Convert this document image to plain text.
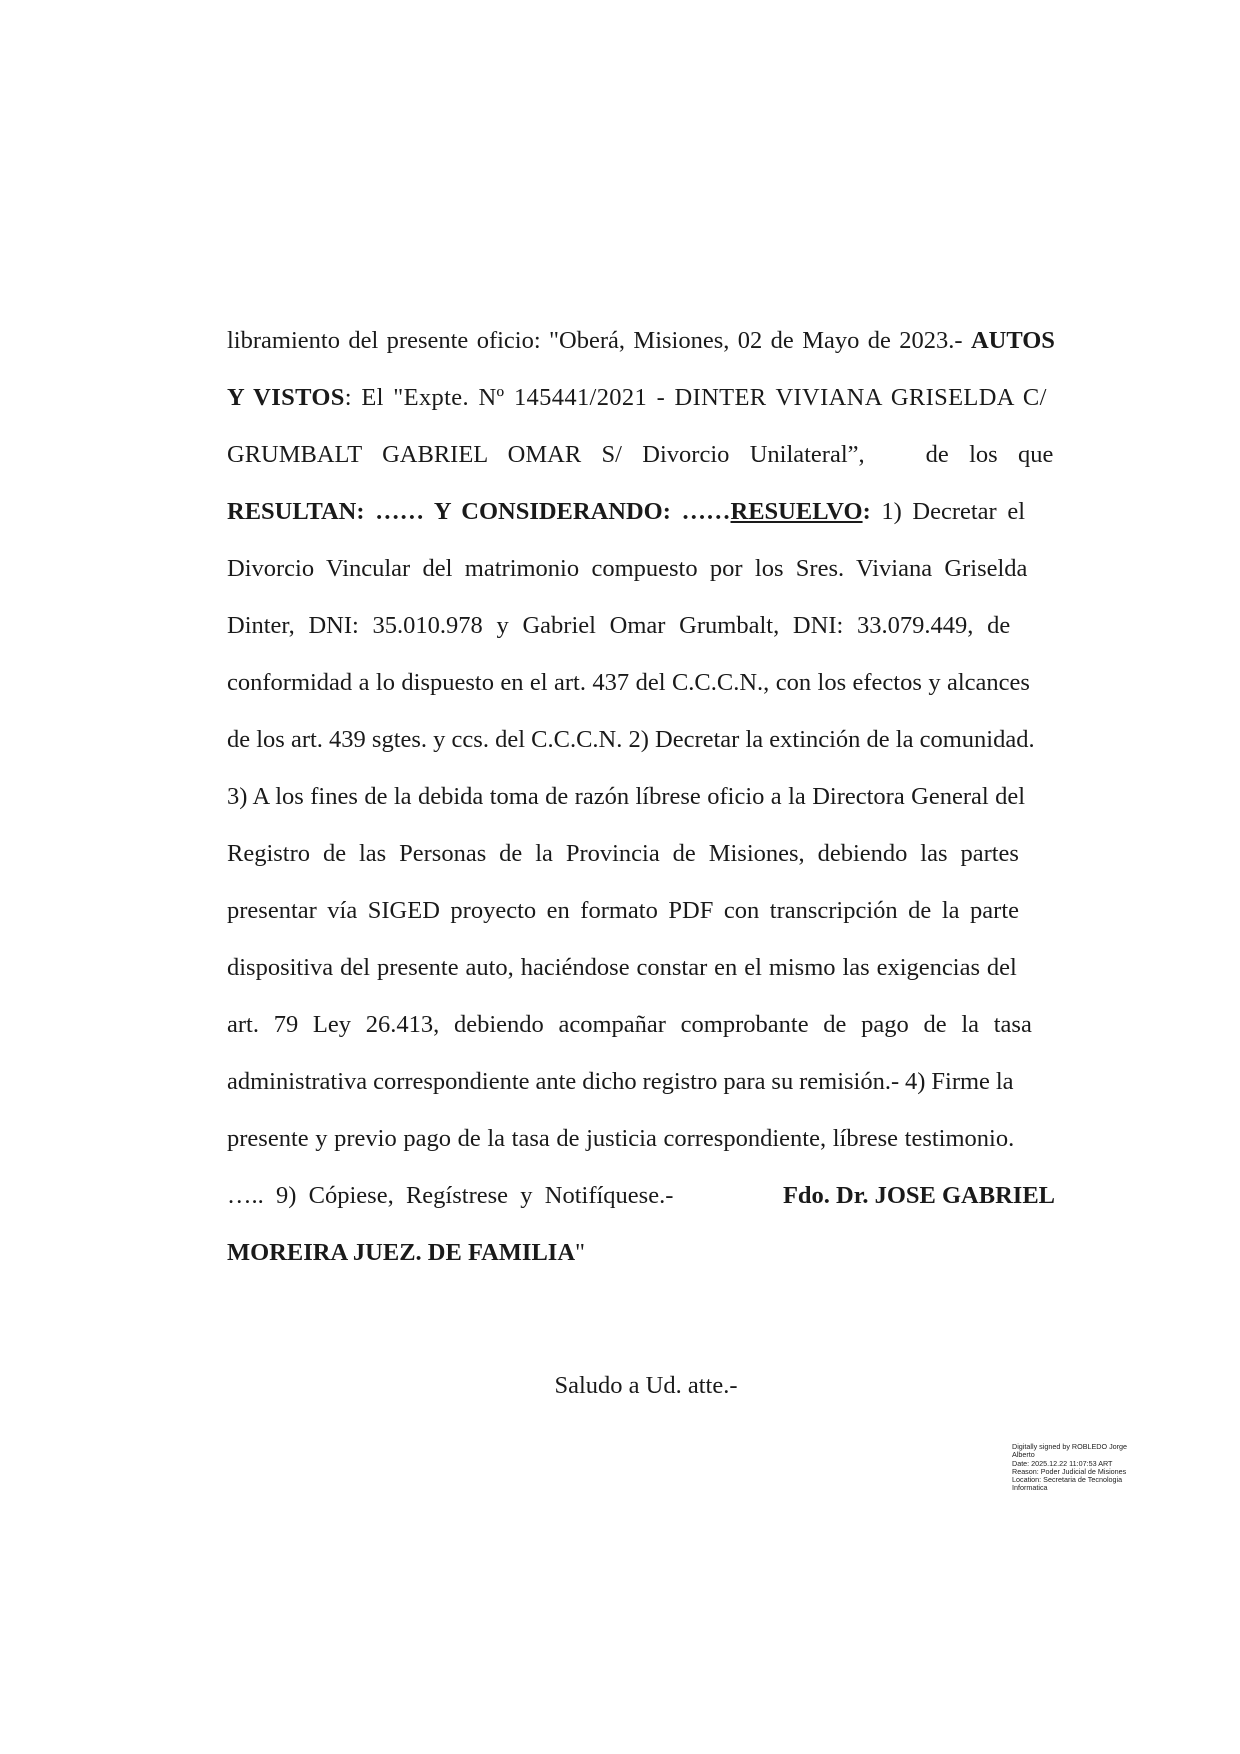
libramiento del presente oficio: "Oberá, Misiones, 02 de Mayo de 2023.- AUTOS
Y VISTOS: El "Expte. Nº 145441/2021 - DINTER VIVIANA GRISELDA C/
GRUMBALT GABRIEL OMAR S/ Divorcio Unilateral”,   de los que
RESULTAN: …… Y CONSIDERANDO: ……RESUELVO: 1) Decretar el
Divorcio Vincular del matrimonio compuesto por los Sres. Viviana Griselda
Dinter, DNI: 35.010.978 y Gabriel Omar Grumbalt, DNI: 33.079.449, de
conformidad a lo dispuesto en el art. 437 del C.C.C.N., con los efectos y alcances
de los art. 439 sgtes. y ccs. del C.C.C.N. 2) Decretar la extinción de la comunidad.
3) A los fines de la debida toma de razón líbrese oficio a la Directora General del
Registro de las Personas de la Provincia de Misiones, debiendo las partes
presentar vía SIGED proyecto en formato PDF con transcripción de la parte
dispositiva del presente auto, haciéndose constar en el mismo las exigencias del
art. 79 Ley 26.413, debiendo acompañar comprobante de pago de la tasa
administrativa correspondiente ante dicho registro para su remisión.- 4) Firme la
presente y previo pago de la tasa de justicia correspondiente, líbrese testimonio.
…..  9)  Cópiese,  Regístrese  y  Notifíquese.-	Fdo. Dr. JOSE GABRIEL
MOREIRA JUEZ. DE FAMILIA"
Saludo a Ud. atte.-
Digitally signed by ROBLEDO Jorge
Alberto
Date: 2025.12.22 11:07:53 ART
Reason: Poder Judicial de Misiones
Location: Secretaria de Tecnologia
Informatica
